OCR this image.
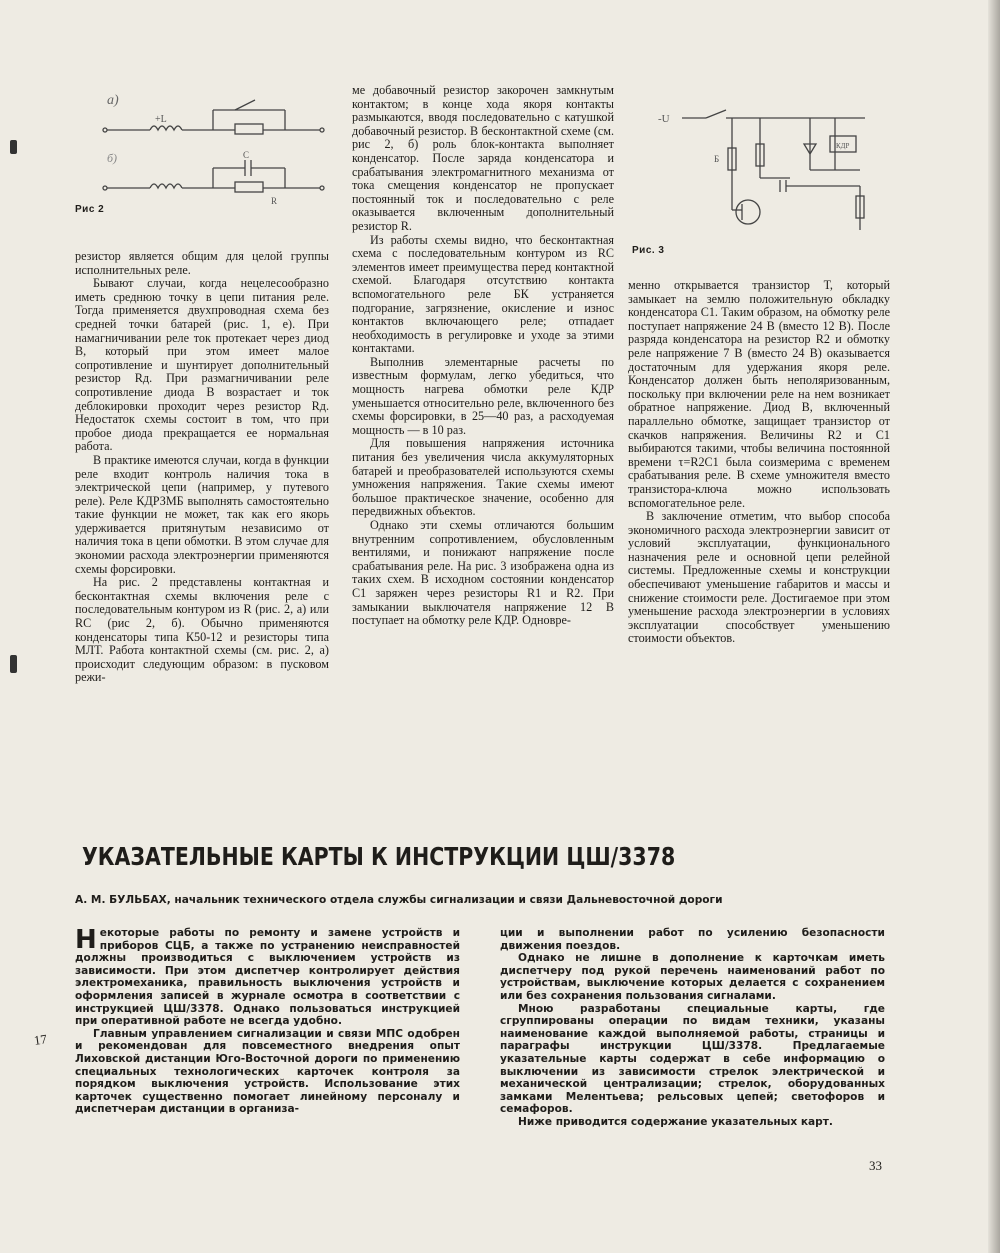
а)
+L
б)	C
R
Рис 2
-U
Б
КДР
Рис. 3

резистор является общим для целой группы исполнительных реле.

Бывают случаи, когда нецелесообразно иметь среднюю точку в цепи питания реле. Тогда применяется двухпроводная схема без средней точки батарей (рис. 1, е). При намагничивании реле ток протекает через диод В, который при этом имеет малое сопротивление и шунтирует дополнительный резистор Rд. При размагничивании реле сопротивление диода В возрастает и ток деблокировки проходит через резистор Rд. Недостаток схемы состоит в том, что при пробое диода прекращается ее нормальная работа.

В практике имеются случаи, когда в функции реле входит контроль наличия тока в электрической цепи (например, у путевого реле). Реле КДРЗМБ выполнять самостоятельно такие функции не может, так как его якорь удерживается притянутым независимо от наличия тока в цепи обмотки. В этом случае для экономии расхода электроэнергии применяются схемы форсировки.

На рис. 2 представлены контактная и бесконтактная схемы включения реле с последовательным контуром из R (рис. 2, а) или RC (рис 2, б). Обычно применяются конденсаторы типа К50-12 и резисторы типа МЛТ. Работа контактной схемы (см. рис. 2, а) происходит следующим образом: в пусковом режи-

ме добавочный резистор закорочен замкнутым контактом; в конце хода якоря контакты размыкаются, вводя последовательно с катушкой добавочный резистор. В бесконтактной схеме (см. рис 2, б) роль блок-контакта выполняет конденсатор. После заряда конденсатора и срабатывания электромагнитного механизма от тока смещения конденсатор не пропускает постоянный ток и последовательно с реле оказывается включенным дополнительный резистор R.

Из работы схемы видно, что бесконтактная схема с последовательным контуром из RC элементов имеет преимущества перед контактной схемой. Благодаря отсутствию контакта вспомогательного реле БК устраняется подгорание, загрязнение, окисление и износ контактов включающего реле; отпадает необходимость в регулировке и уходе за этими контактами.

Выполнив элементарные расчеты по известным формулам, легко убедиться, что мощность нагрева обмотки реле КДР уменьшается относительно реле, включенного без схемы форсировки, в 25—40 раз, а расходуемая мощность — в 10 раз.

Для повышения напряжения источника питания без увеличения числа аккумуляторных батарей и преобразователей используются схемы умножения напряжения. Такие схемы имеют большое практическое значение, особенно для передвижных объектов.

Однако эти схемы отличаются большим внутренним сопротивлением, обусловленным вентилями, и понижают напряжение после срабатывания реле. На рис. 3 изображена одна из таких схем. В исходном состоянии конденсатор С1 заряжен через резисторы R1 и R2. При замыкании выключателя напряжение 12 В поступает на обмотку реле КДР. Одновре-

менно открывается транзистор Т, который замыкает на землю положительную обкладку конденсатора С1. Таким образом, на обмотку реле поступает напряжение 24 В (вместо 12 В). После разряда конденсатора на резистор R2 и обмотку реле напряжение 7 В (вместо 24 В) оказывается достаточным для удержания якоря реле. Конденсатор должен быть неполяризованным, поскольку при включении реле на нем возникает обратное напряжение. Диод В, включенный параллельно обмотке, защищает транзистор от скачков напряжения. Величины R2 и С1 выбираются такими, чтобы величина постоянной времени τ=R2C1 была соизмерима с временем срабатывания реле. В схеме умножителя вместо транзистора-ключа можно использовать вспомогательное реле.

В заключение отметим, что выбор способа экономичного расхода электроэнергии зависит от условий эксплуатации, функционального назначения реле и основной цепи релейной системы. Предложенные схемы и конструкции обеспечивают уменьшение габаритов и массы и снижение стоимости реле. Достигаемое при этом уменьшение расхода электроэнергии в условиях эксплуатации способствует уменьшению стоимости объектов.

УКАЗАТЕЛЬНЫЕ КАРТЫ К ИНСТРУКЦИИ ЦШ/3378
А. М. БУЛЬБАХ, начальник технического отдела службы сигнализации и связи Дальневосточной дороги

Некоторые работы по ремонту и замене устройств и приборов СЦБ, а также по устранению неисправностей должны производиться с выключением устройств из зависимости. При этом диспетчер контролирует действия электромеханика, правильность выключения устройств и оформления записей в журнале осмотра в соответствии с инструкцией ЦШ/3378. Однако пользоваться инструкцией при оперативной работе не всегда удобно.

Главным управлением сигнализации и связи МПС одобрен и рекомендован для повсеместного внедрения опыт Лиховской дистанции Юго-Восточной дороги по применению специальных технологических карточек контроля за порядком выключения устройств. Использование этих карточек существенно помогает линейному персоналу и диспетчерам дистанции в организа-

ции и выполнении работ по усилению безопасности движения поездов.

Однако не лишне в дополнение к карточкам иметь диспетчеру под рукой перечень наименований работ по устройствам, выключение которых делается с сохранением или без сохранения пользования сигналами.

Мною разработаны специальные карты, где сгруппированы операции по видам техники, указаны наименование каждой выполняемой работы, страницы и параграфы инструкции ЦШ/3378. Предлагаемые указательные карты содержат в себе информацию о выключении из зависимости стрелок электрической и механической централизации; стрелок, оборудованных замками Мелентьева; рельсовых цепей; светофоров и семафоров.

Ниже приводится содержание указательных карт.

33
17
